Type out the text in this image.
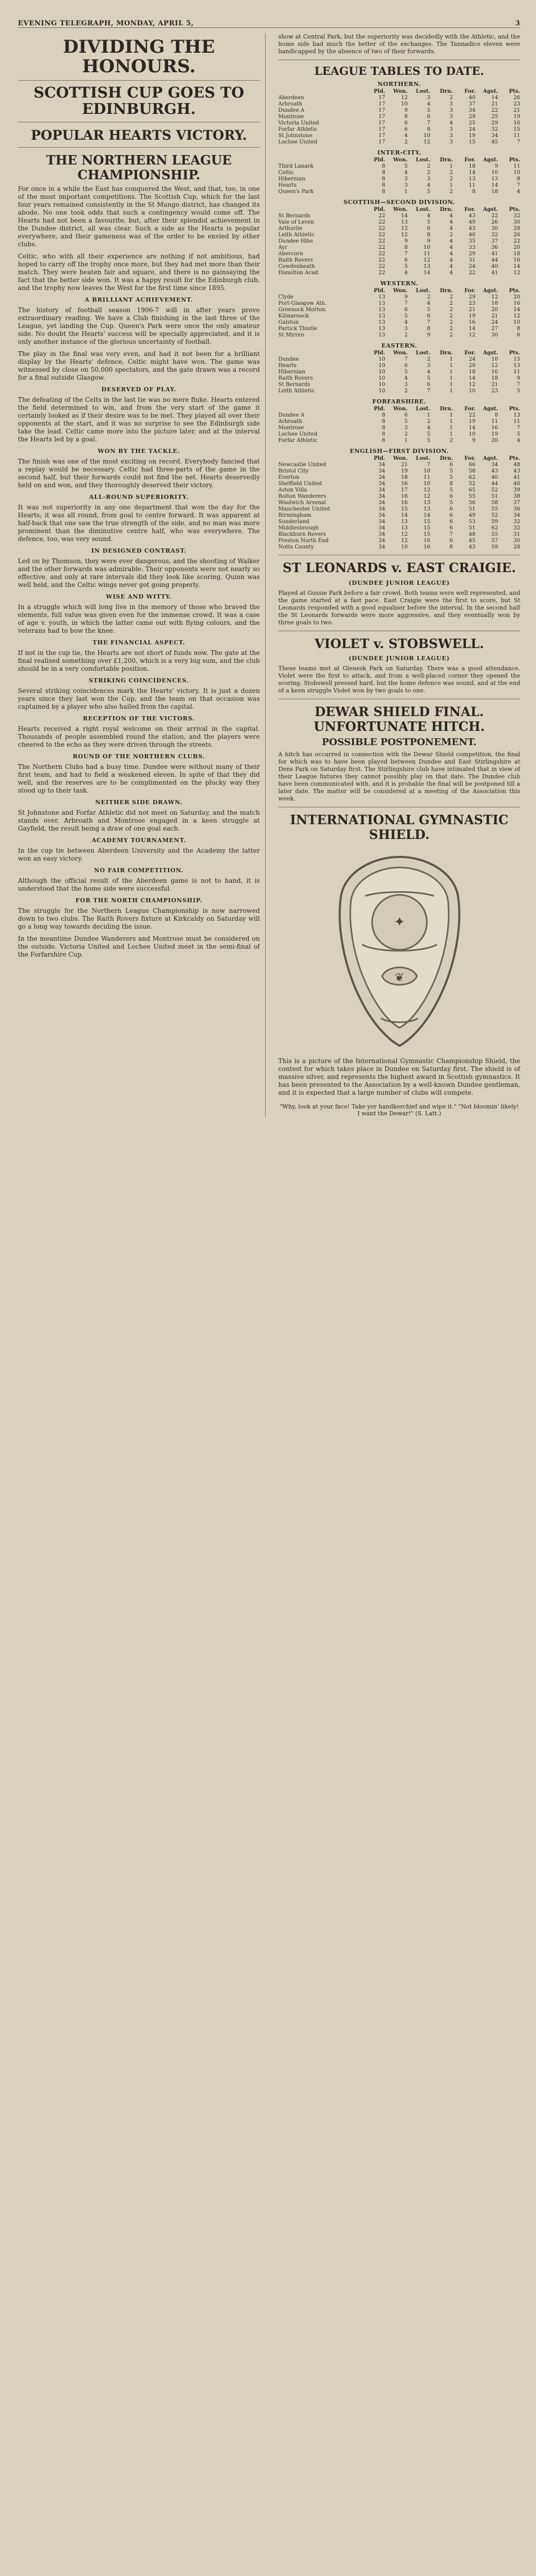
EVENING TELEGRAPH, MONDAY, APRIL 5,	3
DIVIDING THE
HONOURS.
SCOTTISH CUP GOES TO
EDINBURGH.
POPULAR HEARTS VICTORY.
THE NORTHERN LEAGUE
CHAMPIONSHIP.

For once in a while the East has conquered the West, and that, too, in one of the most important competitions. The Scottish Cup, which for the last four years remained consistently in the St Mungo district, has changed its abode. No one took odds that such a contingency would come off. The Hearts had not been a favourite, but, after their splendid achievement in the Dundee district, all was clear. Such a side as the Hearts is popular everywhere, and their gameness was of the order to be envied by other clubs.

Celtic, who with all their experience are nothing if not ambitious, had hoped to carry off the trophy once more, but they had met more than their match. They were beaten fair and square, and there is no gainsaying the fact that the better side won. It was a happy result for the Edinburgh club, and the trophy now leaves the West for the first time since 1895.

A BRILLIANT ACHIEVEMENT.

The history of football season 1906-7 will in after years prove extraordinary reading. We have a Club finishing in the last three of the League, yet landing the Cup. Queen's Park were once the only amateur side. No doubt the Hearts' success will be specially appreciated, and it is only another instance of the glorious uncertainty of football.

The play in the final was very even, and had it not been for a brilliant display by the Hearts' defence, Celtic might have won. The game was witnessed by close on 50,000 spectators, and the gate drawn was a record for a final outside Glasgow.

DESERVED OF PLAY.

The defeating of the Celts in the last tie was no mere fluke. Hearts entered the field determined to win, and from the very start of the game it certainly looked as if their desire was to be met. They played all over their opponents at the start, and it was no surprise to see the Edinburgh side take the lead. Celtic came more into the picture later, and at the interval the Hearts led by a goal.

WON BY THE TACKLE.

The finish was one of the most exciting on record. Everybody fancied that a replay would be necessary. Celtic had three-parts of the game in the second half, but their forwards could not find the net. Hearts deservedly held on and won, and they thoroughly deserved their victory.

ALL-ROUND SUPERIORITY.

It was not superiority in any one department that won the day for the Hearts; it was all round, from goal to centre forward. It was apparent at half-back that one saw the true strength of the side, and no man was more prominent than the diminutive centre half, who was everywhere. The defence, too, was very sound.

IN DESIGNED CONTRAST.

Led on by Thomson, they were ever dangerous, and the shooting of Walker and the other forwards was admirable. Their opponents were not nearly so effective, and only at rare intervals did they look like scoring. Quinn was well held, and the Celtic wings never got going properly.

WISE AND WITTY.

In a struggle which will long live in the memory of those who braved the elements, full value was given even for the immense crowd. It was a case of age v. youth, in which the latter came out with flying colours, and the veterans had to bow the knee.

THE FINANCIAL ASPECT.

If not in the cup tie, the Hearts are not short of funds now. The gate at the final realised something over £1,200, which is a very big sum, and the club should be in a very comfortable position.

STRIKING COINCIDENCES.

Several striking coincidences mark the Hearts' victory. It is just a dozen years since they last won the Cup, and the team on that occasion was captained by a player who also hailed from the capital.

RECEPTION OF THE VICTORS.

Hearts received a right royal welcome on their arrival in the capital. Thousands of people assembled round the station, and the players were cheered to the echo as they were driven through the streets.

ROUND OF THE NORTHERN CLUBS.

The Northern Clubs had a busy time. Dundee were without many of their first team, and had to field a weakened eleven. In spite of that they did well, and the reserves are to be complimented on the plucky way they stood up to their task.

NEITHER SIDE DRAWN.

St Johnstone and Forfar Athletic did not meet on Saturday, and the match stands over. Arbroath and Montrose engaged in a keen struggle at Gayfield, the result being a draw of one goal each.

ACADEMY TOURNAMENT.

In the cup tie between Aberdeen University and the Academy the latter won an easy victory.

NO FAIR COMPETITION.

Although the official result of the Aberdeen game is not to hand, it is understood that the home side were successful.

FOR THE NORTH CHAMPIONSHIP.

The struggle for the Northern League Championship is now narrowed down to two clubs. The Raith Rovers fixture at Kirkcaldy on Saturday will go a long way towards deciding the issue.

In the meantime Dundee Wanderers and Montrose must be considered on the outside. Victoria United and Lochee United meet in the semi-final of the Forfarshire Cup.

show at Central Park, but the superiority was decidedly with the Athletic, and the home side had much the better of the exchanges. The Tannadice eleven were handicapped by the absence of two of their forwards.

LEAGUE TABLES TO DATE.
NORTHERN.
Pld.	Won.	Lost.	Drn.	For.	Agst.	Pts.
Aberdeen	17	12	3	2	40	14	26
Arbroath	17	10	4	3	37	21	23
Dundee A	17	9	5	3	34	22	21
Montrose	17	8	6	3	29	25	19
Victoria United	17	6	7	4	25	29	16
Forfar Athletic	17	6	8	3	24	32	15
St Johnstone	17	4	10	3	19	34	11
Lochee United	17	2	12	3	15	45	7
INTER-CITY.
Pld.	Won.	Lost.	Drn.	For.	Agst.	Pts.
Third Lanark	8	5	2	1	18	9	11
Celtic	8	4	2	2	14	10	10
Hibernian	8	3	3	2	13	13	8
Hearts	8	3	4	1	11	14	7
Queen's Park	8	1	5	2	8	18	4
SCOTTISH—SECOND DIVISION.
Pld.	Won.	Lost.	Drn.	For.	Agst.	Pts.
St Bernards	22	14	4	4	43	22	32
Vale of Leven	22	13	5	4	49	26	30
Arthurlie	22	12	6	4	43	30	28
Leith Athletic	22	12	8	2	40	32	26
Dundee Hibs	22	9	9	4	35	37	22
Ayr	22	8	10	4	33	36	20
Abercorn	22	7	11	4	29	41	18
Raith Rovers	22	6	12	4	31	44	16
Cowdenbeath	22	5	13	4	24	40	14
Hamilton Acad.	22	4	14	4	22	41	12
WESTERN.
Pld.	Won.	Lost.	Drn.	For.	Agst.	Pts.
Clyde	13	9	2	2	29	12	20
Port-Glasgow Ath.	13	7	4	2	23	18	16
Greenock Morton	13	6	5	2	21	20	14
Kilmarnock	13	5	6	2	19	21	12
Galston	13	4	7	2	16	24	10
Partick Thistle	13	3	8	2	14	27	8
St Mirren	13	2	9	2	12	30	6
EASTERN.
Pld.	Won.	Lost.	Drn.	For.	Agst.	Pts.
Dundee	10	7	2	1	24	10	15
Hearts	10	6	3	1	20	12	13
Hibernian	10	5	4	1	18	16	11
Raith Rovers	10	4	5	1	14	18	9
St Bernards	10	3	6	1	12	21	7
Leith Athletic	10	2	7	1	10	23	5
FORFARSHIRE.
Pld.	Won.	Lost.	Drn.	For.	Agst.	Pts.
Dundee A	8	6	1	1	22	8	13
Arbroath	8	5	2	1	19	11	11
Montrose	8	3	4	1	14	16	7
Lochee United	8	2	5	1	10	19	5
Forfar Athletic	8	1	5	2	9	20	4
ENGLISH—FIRST DIVISION.
Pld.	Won.	Lost.	Drn.	For.	Agst.	Pts.
Newcastle United	34	21	7	6	66	34	48
Bristol City	34	19	10	5	58	43	43
Everton	34	18	11	5	62	40	41
Sheffield United	34	16	10	8	52	44	40
Aston Villa	34	17	12	5	65	52	39
Bolton Wanderers	34	16	12	6	55	51	38
Woolwich Arsenal	34	16	13	5	56	58	37
Manchester United	34	15	13	6	51	55	36
Birmingham	34	14	14	6	49	52	34
Sunderland	34	13	15	6	53	59	32
Middlesbrough	34	13	15	6	51	62	32
Blackburn Rovers	34	12	15	7	48	55	31
Preston North End	34	12	16	6	45	57	30
Notts County	34	10	16	8	43	59	28
ST LEONARDS v. EAST CRAIGIE.
(DUNDEE JUNIOR LEAGUE)

Played at Gussie Park before a fair crowd. Both teams were well represented, and the game started at a fast pace. East Craigie were the first to score, but St Leonards responded with a good equaliser before the interval. In the second half the St Leonards forwards were more aggressive, and they eventually won by three goals to two.

VIOLET v. STOBSWELL.
(DUNDEE JUNIOR LEAGUE)

These teams met at Glenesk Park on Saturday. There was a good attendance. Violet were the first to attack, and from a well-placed corner they opened the scoring. Stobswell pressed hard, but the home defence was sound, and at the end of a keen struggle Violet won by two goals to one.

DEWAR SHIELD FINAL.
UNFORTUNATE HITCH.
POSSIBLE POSTPONEMENT.

A hitch has occurred in connection with the Dewar Shield competition, the final for which was to have been played between Dundee and East Stirlingshire at Dens Park on Saturday first. The Stirlingshire club have intimated that in view of their League fixtures they cannot possibly play on that date. The Dundee club have been communicated with, and it is probable the final will be postponed till a later date. The matter will be considered at a meeting of the Association this week.

INTERNATIONAL GYMNASTIC
SHIELD.
✦
❦

This is a picture of the International Gymnastic Championship Shield, the contest for which takes place in Dundee on Saturday first. The shield is of massive silver, and represents the highest award in Scottish gymnastics. It has been presented to the Association by a well-known Dundee gentleman, and it is expected that a large number of clubs will compete.

"Why, look at your face! Take yer handkerchief and wipe it." "Not bloomin' likely! I want the Dewar!" (S. Latt.)
